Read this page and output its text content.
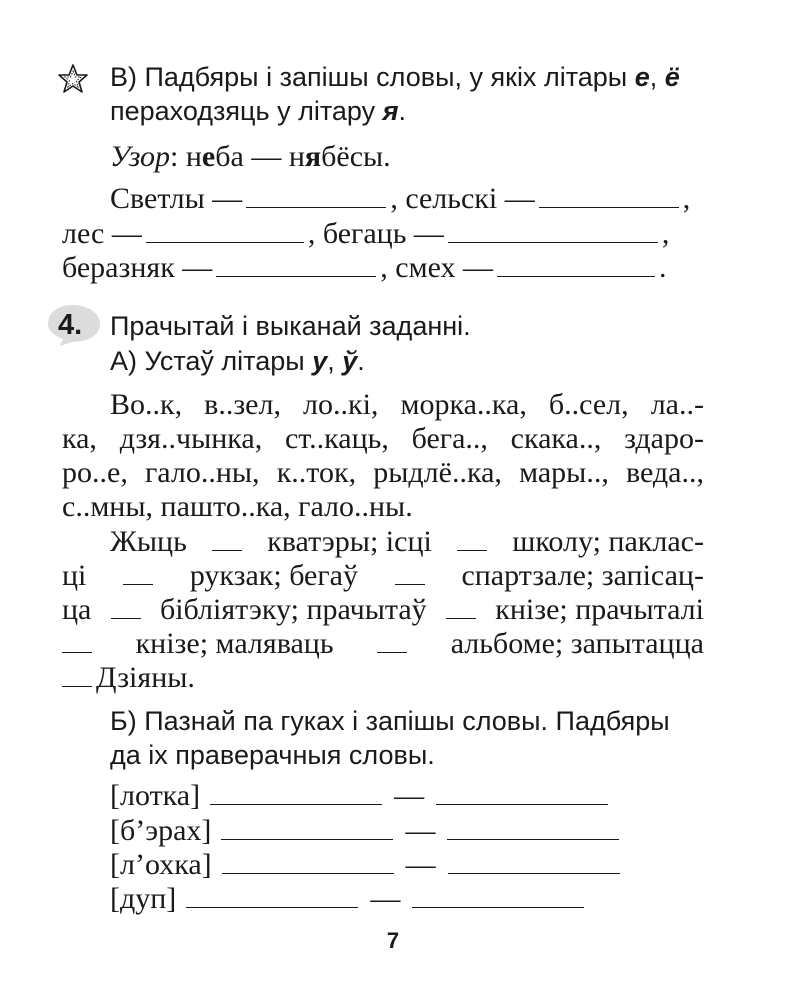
В) Падбяры і запішы словы, у якіх літары е, ё
пераходзяць у літару я.
Узор: неба — нябёсы.
Светлы —	, сельскі —	,
лес —	, бегаць —	,
беразняк —	, смех —	.
4. Прачытай і выканай заданні.
А) Устаў літары у, ў.
Во..к, в..зел, ло..кі, морка..ка, б..сел, ла..-
ка, дзя..чынка, ст..каць, бега.., скака.., здаро-
ро..е, гало..ны, к..ток, рыдлё..ка, мары.., веда..,
с..мны, пашто..ка, гало..ны.
Жыць	кватэры; ісці	школу; паклас-
ці	рукзак; бегаў	спартзале; запісац-
ца бібліятэку; прачытаў кнізе; прачыталі
кнізе; маляваць	альбоме; запытацца
Дзіяны.
Б) Пазнай па гуках і запішы словы. Падбяры
да іх праверачныя словы.
[лотка]	—
[б’эрах]	—
[л’охка]	—
[дуп]	—
7
